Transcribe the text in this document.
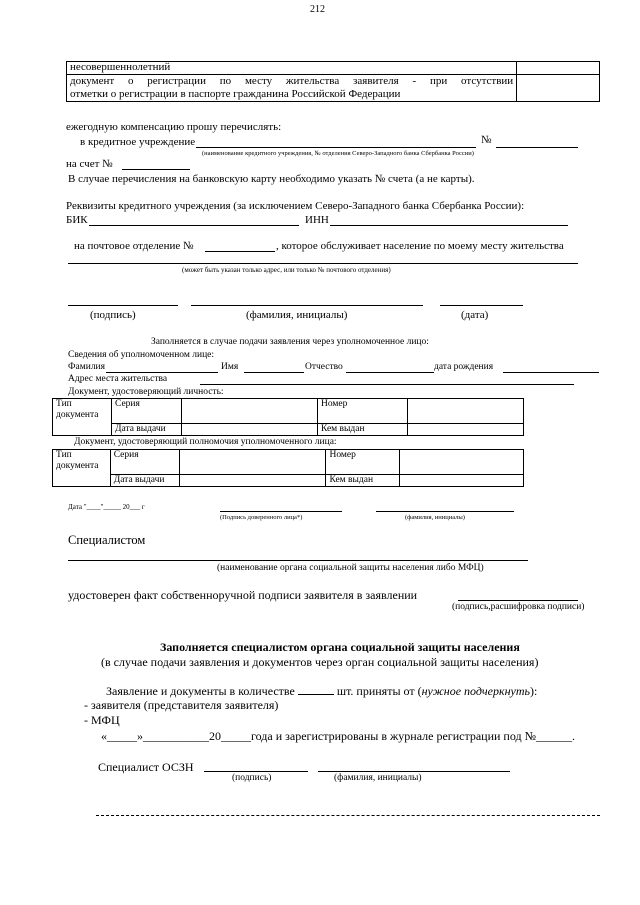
212
несовершеннолетний	

документ о регистрации по месту жительства заявителя - при отсутствии
отметки о регистрации в паспорте гражданина Российской Федерации	

ежегодную компенсацию прошу перечислять:
в кредитное учреждение	№
(наименование кредитного учреждения, № отделения Северо-Западного банка Сбербанка России)
на счет №
В случае перечисления на банковскую карту необходимо указать № счета (а не карты).
Реквизиты кредитного учреждения (за исключением Северо-Западного банка Сбербанка России):
БИК	ИНН
на почтовое отделение №	, которое обслуживает население по моему месту жительства
(может быть указан только адрес, или только № почтового отделения)
(подпись)	(фамилия, инициалы)	(дата)
Заполняется в случае подачи заявления через уполномоченное лицо:
Сведения об уполномоченном лице:
Фамилия	Имя	Отчество	дата рождения
Адрес места жительства
Документ, удостоверяющий личность:
Тип
документа	Серия		Номер	
	Дата выдачи		Кем выдан	
Документ, удостоверяющий полномочия уполномоченного лица:
Тип
документа	Серия		Номер	
	Дата выдачи		Кем выдан	
Дата "____"_____ 20___ г
(Подпись доверенного лица*)	(фамилия, инициалы)
Специалистом
(наименование органа социальной защиты населения либо МФЦ)
удостоверен факт собственноручной подписи заявителя в заявлении
(подпись,расшифровка подписи)
Заполняется специалистом органа социальной защиты населения
(в случае подачи заявления и документов через орган социальной защиты населения)
Заявление и документы в количестве	шт. приняты от (нужное подчеркнуть):
- заявителя (представителя заявителя)
- МФЦ
«_____»___________20_____года и зарегистрированы в журнале регистрации под №______.
Специалист ОСЗН
(подпись)	(фамилия, инициалы)
